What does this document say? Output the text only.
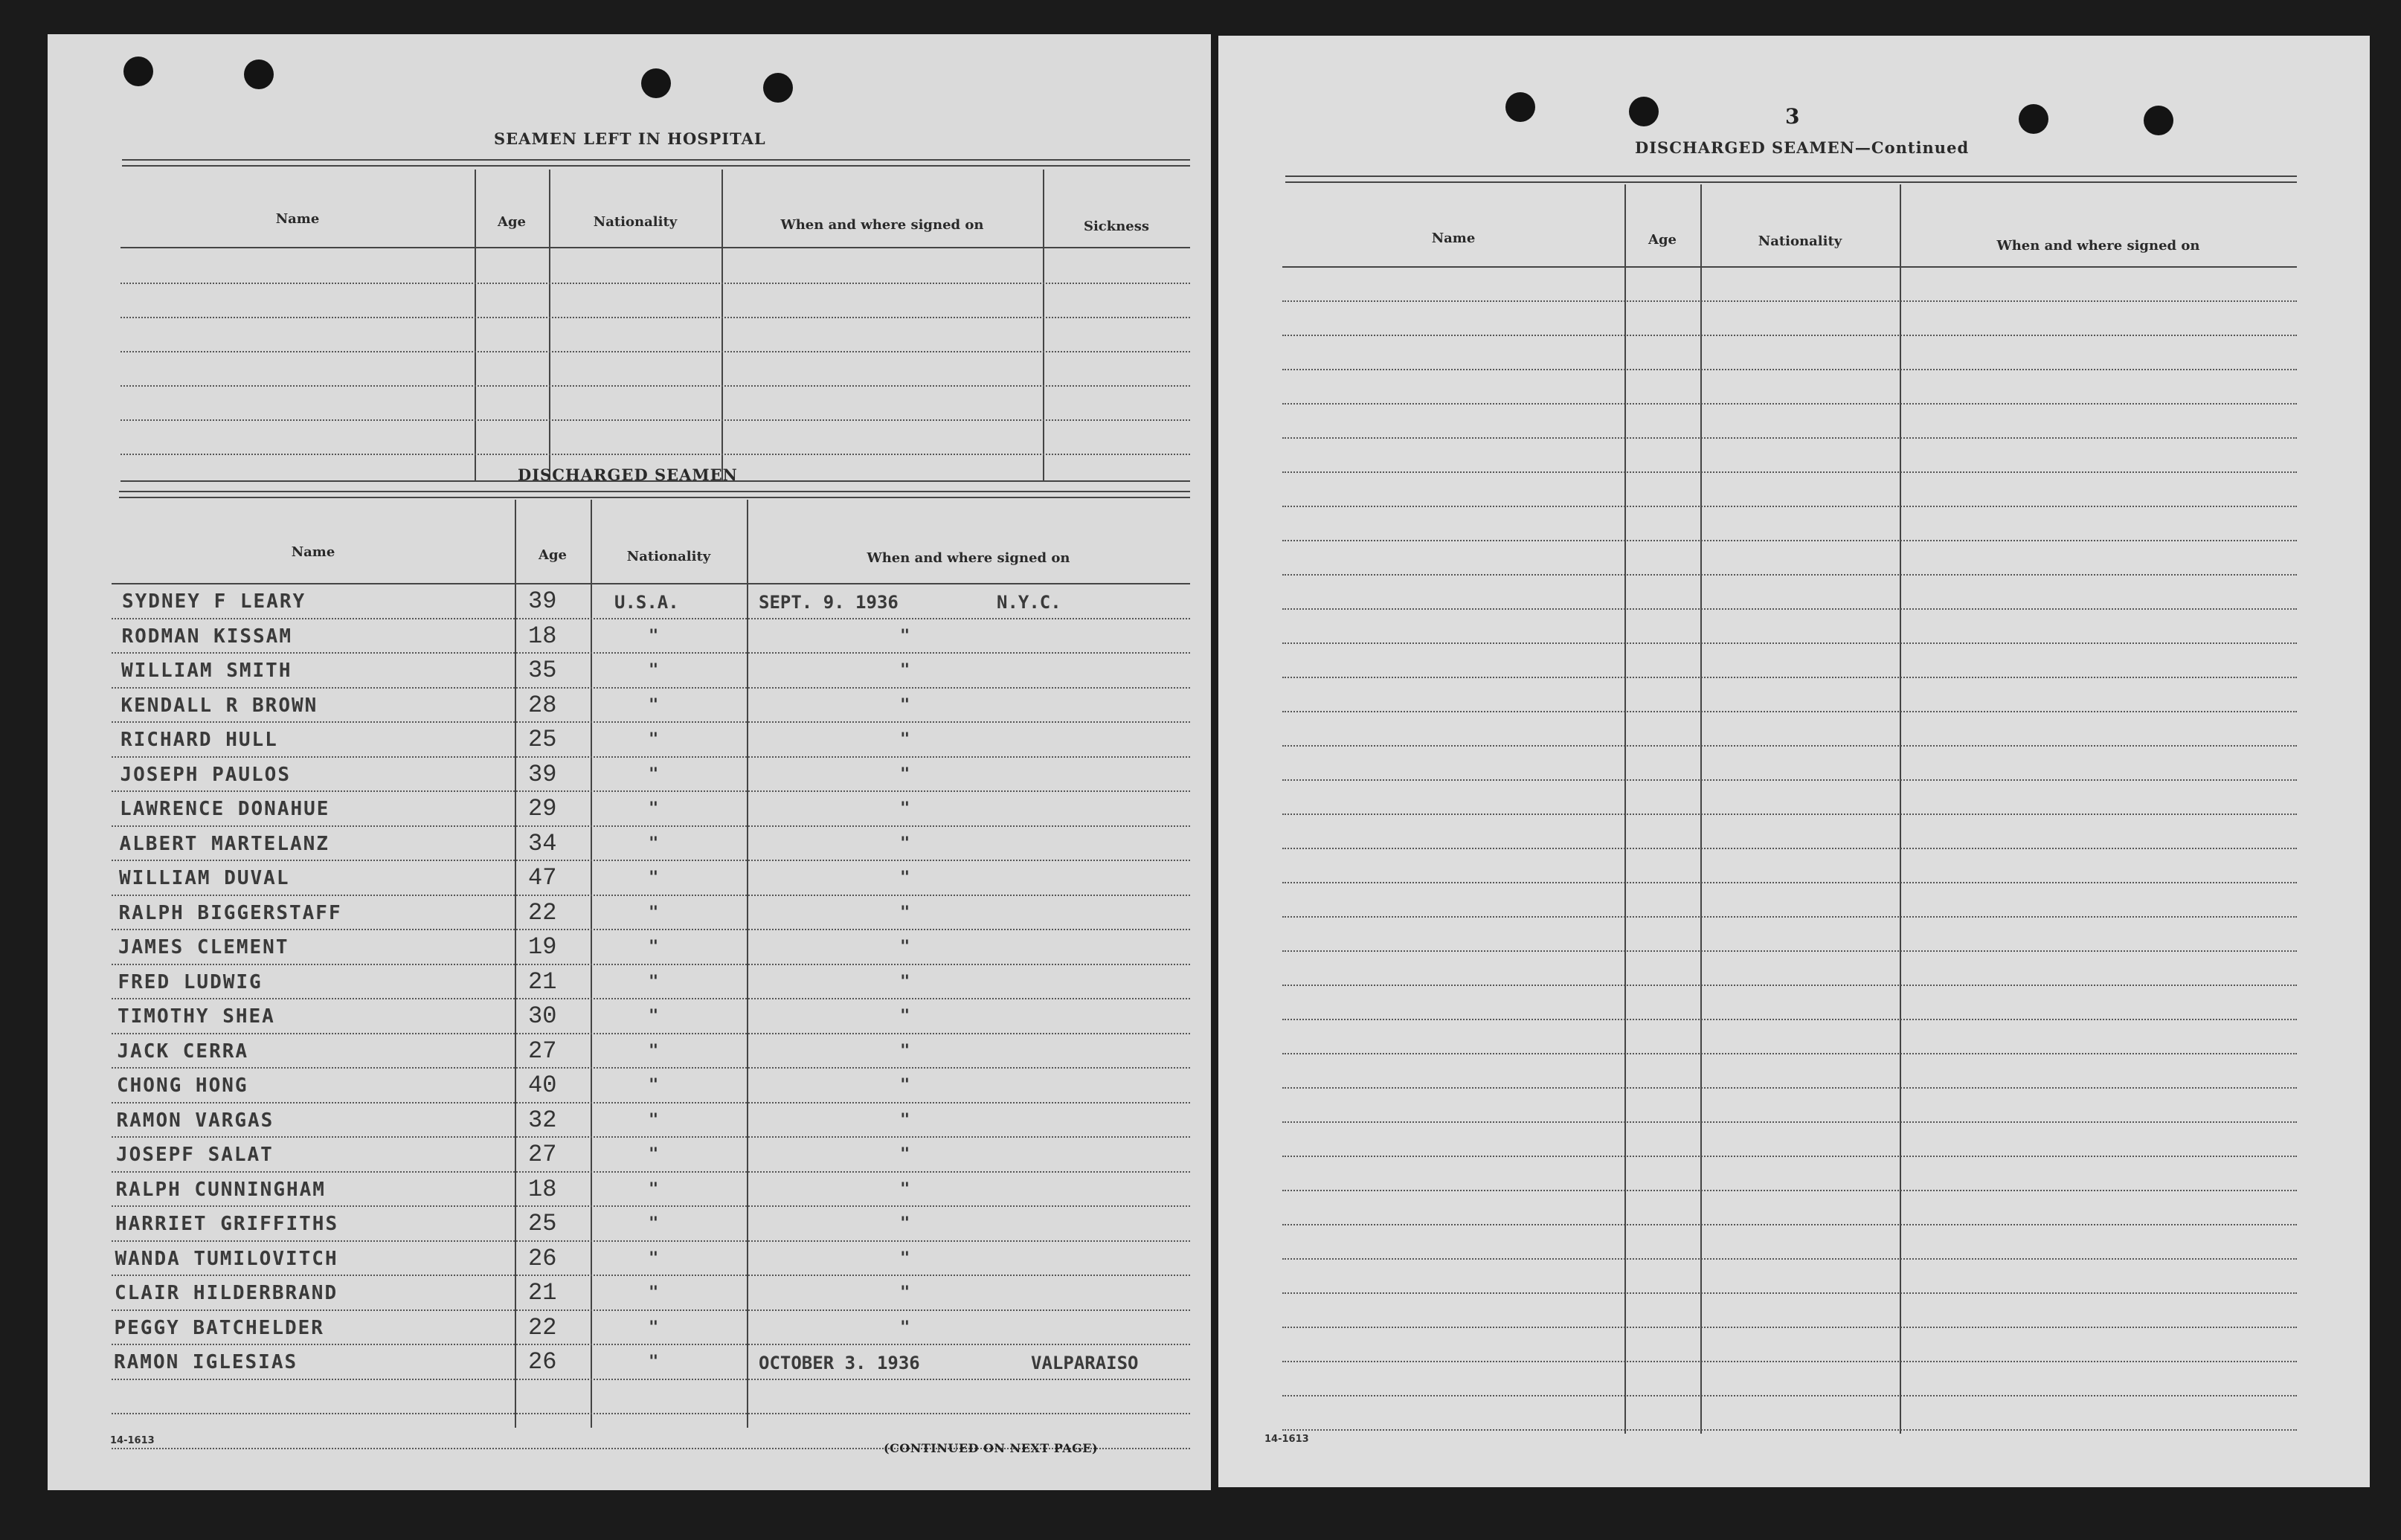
SEAMEN LEFT IN HOSPITAL
Name	Age	Nationality	When and where signed on	Sickness
DISCHARGED SEAMEN
Name	Age	Nationality	When and where signed on
SYDNEY F LEARY	39	U.S.A.	SEPT. 9. 1936	N.Y.C.
RODMAN KISSAM	18	"	"
WILLIAM SMITH	35	"	"
KENDALL R BROWN	28	"	"
RICHARD HULL	25	"	"
JOSEPH PAULOS	39	"	"
LAWRENCE DONAHUE	29	"	"
ALBERT MARTELANZ	34	"	"
WILLIAM DUVAL	47	"	"
RALPH BIGGERSTAFF	22	"	"
JAMES CLEMENT	19	"	"
FRED LUDWIG	21	"	"
TIMOTHY SHEA	30	"	"
JACK CERRA	27	"	"
CHONG HONG	40	"	"
RAMON VARGAS	32	"	"
JOSEPF SALAT	27	"	"
RALPH CUNNINGHAM	18	"	"
HARRIET GRIFFITHS	25	"	"
WANDA TUMILOVITCH	26	"	"
CLAIR HILDERBRAND	21	"	"
PEGGY BATCHELDER	22	"	"
RAMON IGLESIAS	26	"	OCTOBER 3. 1936	VALPARAISO
14-1613
(CONTINUED ON NEXT PAGE)
3
DISCHARGED SEAMEN—Continued
Name	Age	Nationality	When and where signed on
14-1613
